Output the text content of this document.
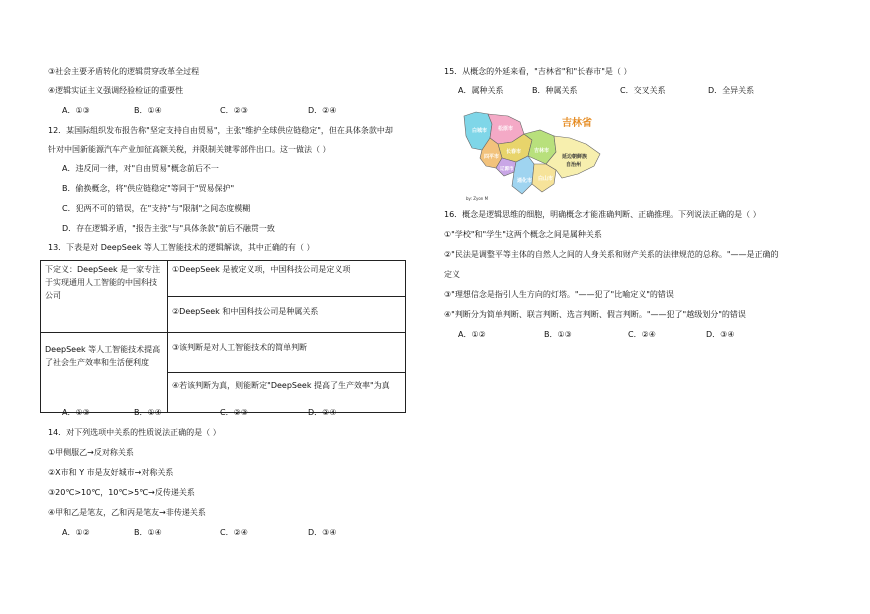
③社会主要矛盾转化的逻辑贯穿改革全过程
④逻辑实证主义强调经验检证的重要性
A．①③	B．①④	C．②③	D．②④
12．某国际组织发布报告称"坚定支持自由贸易"，主张"维护全球供应链稳定"，但在具体条款中却
针对中国新能源汽车产业加征高额关税，并限制关键零部件出口。这一做法（ ）
A．违反同一律，对"自由贸易"概念前后不一
B．偷换概念，将"供应链稳定"等同于"贸易保护"
C．犯两不可的错误，在"支持"与"限制"之间态度模糊
D．存在逻辑矛盾，"报告主张"与"具体条款"前后不融贯一致
13．下表是对 DeepSeek 等人工智能技术的逻辑解读，其中正确的有（ ）
下定义：DeepSeek 是一家专注于实现通用人工智能的中国科技公司	①DeepSeek 是被定义项，中国科技公司是定义项
	②DeepSeek 和中国科技公司是种属关系
DeepSeek 等人工智能技术提高了社会生产效率和生活便利度	③该判断是对人工智能技术的简单判断
	④若该判断为真，则能断定"DeepSeek 提高了生产效率"为真
A．①③	B．①④	C．②③	D．②④
14．对下列选项中关系的性质说法正确的是（ ）
①甲侧服乙→反对称关系
②X市和 Y 市是友好城市→对称关系
③20℃>10℃，10℃>5℃→反传递关系
④甲和乙是笔友，乙和丙是笔友→非传递关系
A．①②	B．①④	C．②④	D．③④
15．从概念的外延来看，"吉林省"和"长春市"是（ ）
A．属种关系	B．种属关系	C．交叉关系	D．全异关系
白城市 松原市
长春市
四平市
辽源市
吉林市
通化市 白山市
延边朝鲜族
自治州
吉林省
by: Zyon M
16．概念是逻辑思维的细胞，明确概念才能准确判断、正确推理。下列说法正确的是（ ）
①"学校"和"学生"这两个概念之间是属种关系
②"民法是调整平等主体的自然人之间的人身关系和财产关系的法律规范的总称。"——是正确的
定义
③"理想信念是指引人生方向的灯塔。"——犯了"比喻定义"的错误
④"判断分为简单判断、联言判断、选言判断、假言判断。"——犯了"越级划分"的错误
A．①②	B．①③	C．②④	D．③④
